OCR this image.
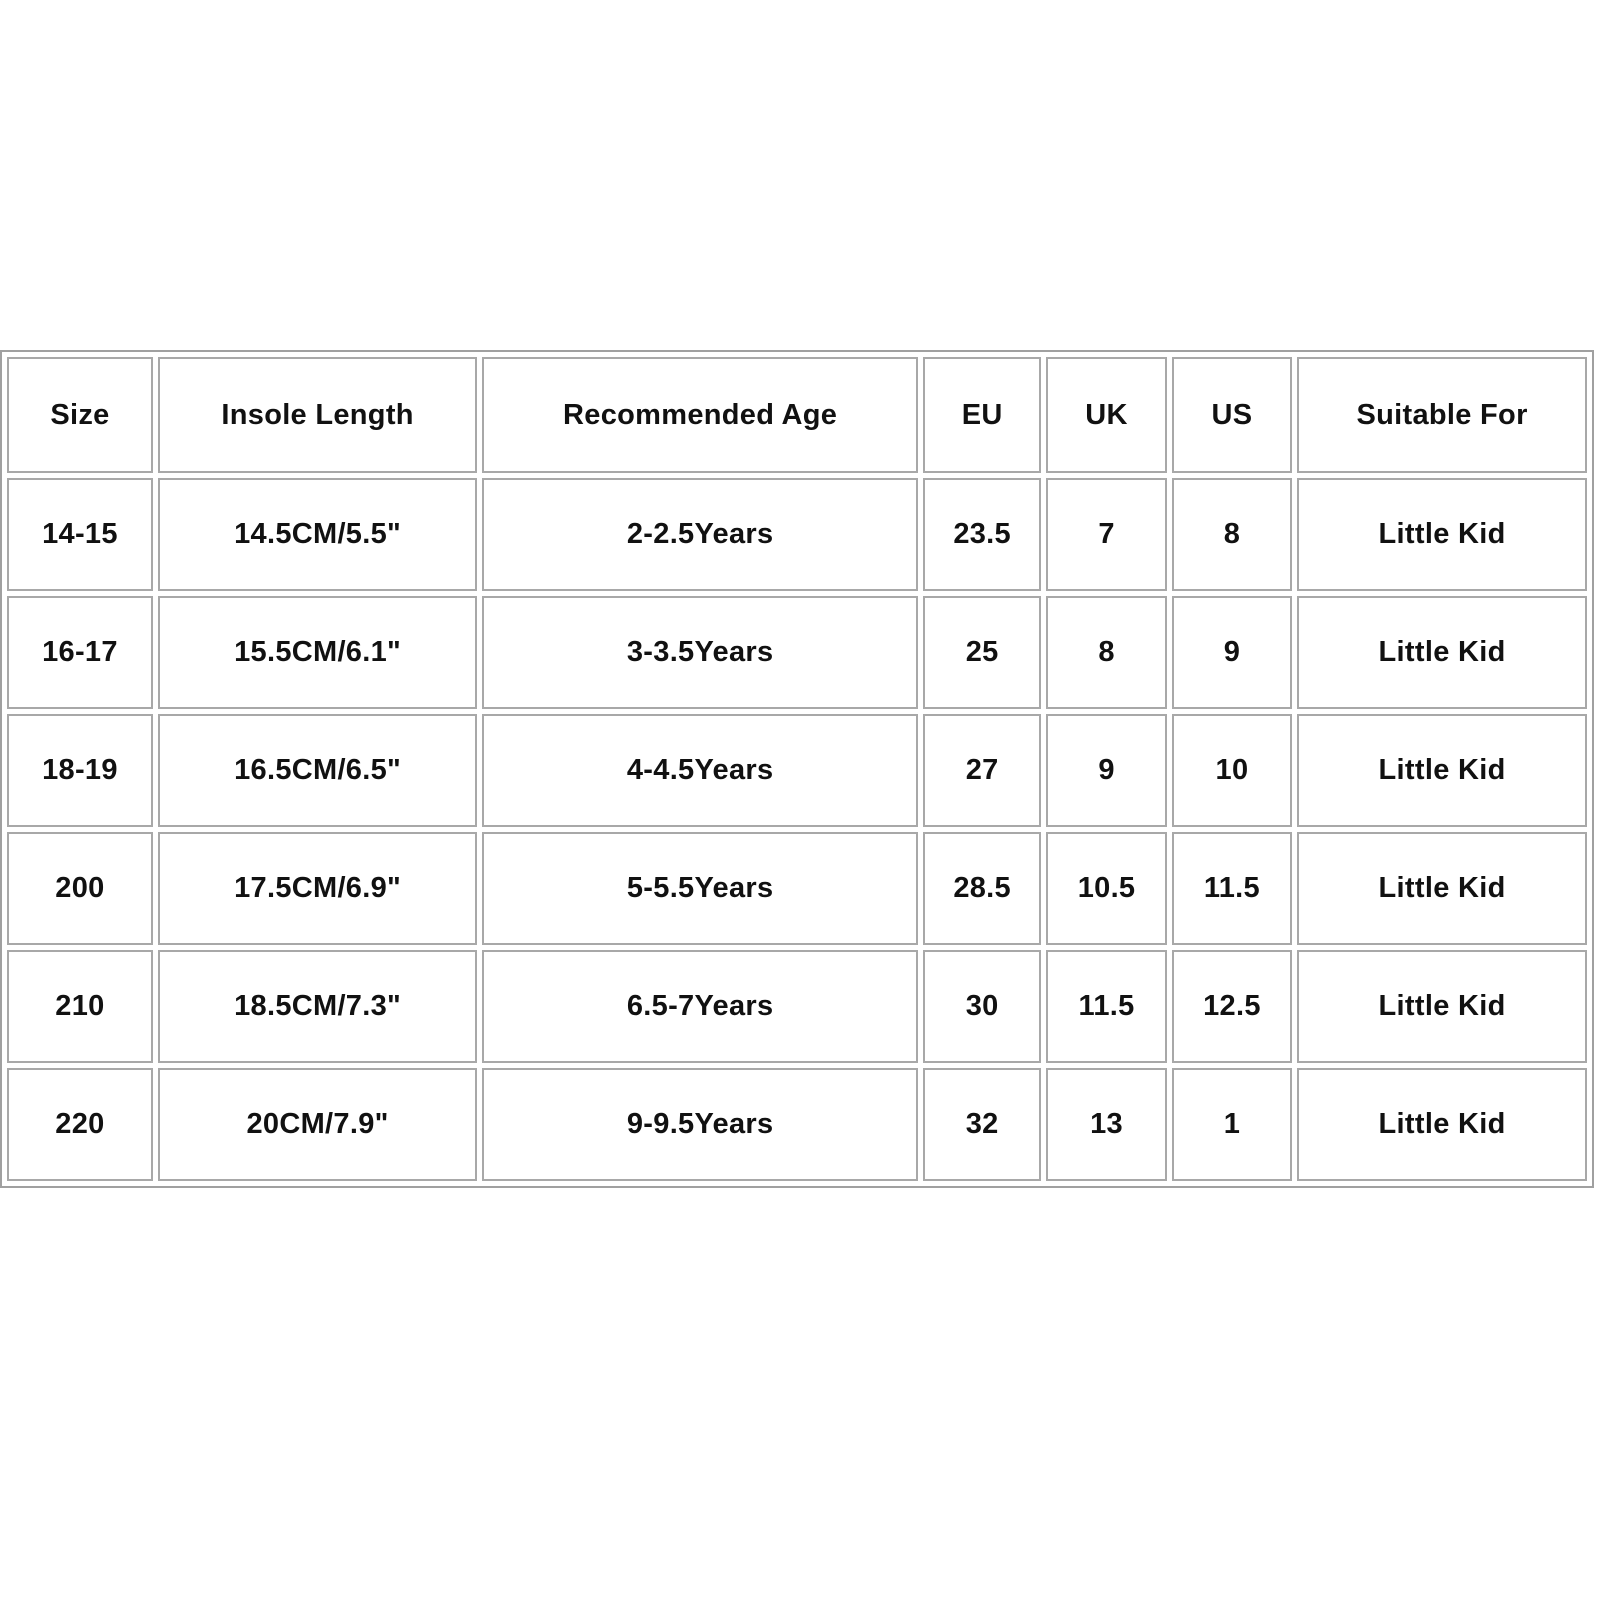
Size	Insole Length	Recommended Age	EU	UK	US	Suitable For
14-15	14.5CM/5.5"	2-2.5Years	23.5	7	8	Little Kid
16-17	15.5CM/6.1"	3-3.5Years	25	8	9	Little Kid
18-19	16.5CM/6.5"	4-4.5Years	27	9	10	Little Kid
200	17.5CM/6.9"	5-5.5Years	28.5	10.5	11.5	Little Kid
210	18.5CM/7.3"	6.5-7Years	30	11.5	12.5	Little Kid
220	20CM/7.9"	9-9.5Years	32	13	1	Little Kid
